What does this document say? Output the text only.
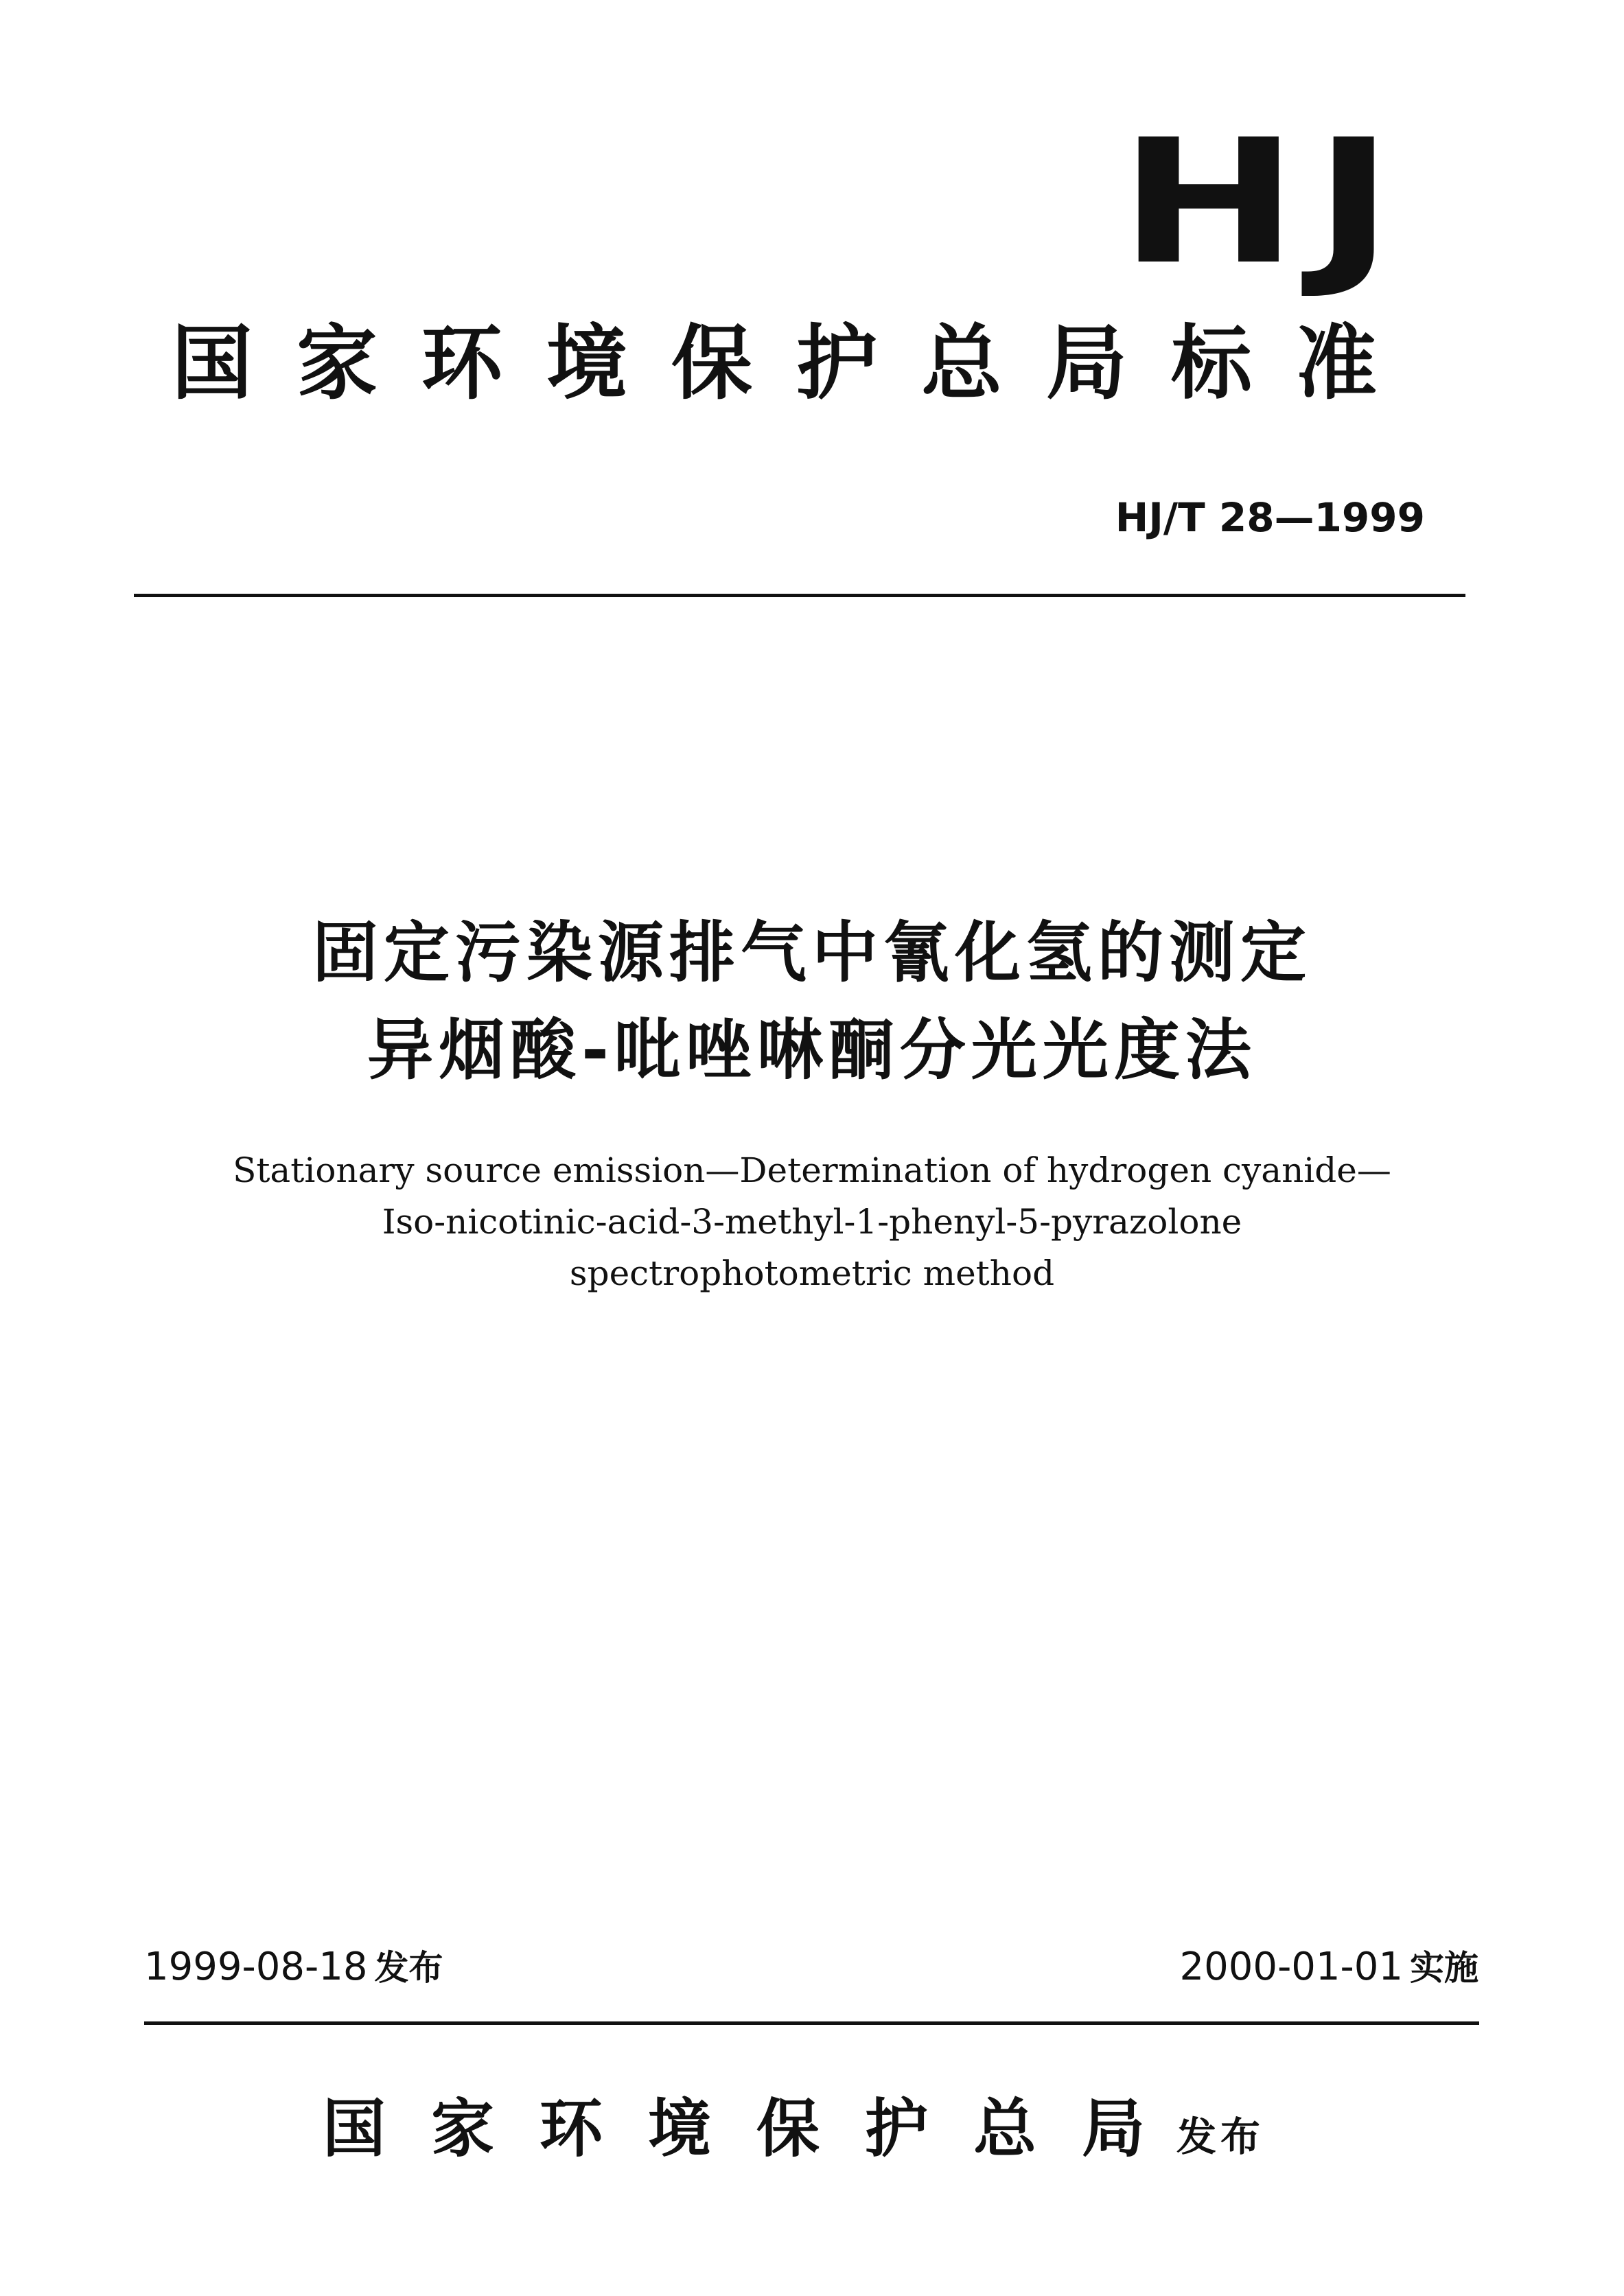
HJ
国家环境保护总局标准
HJ/T 28—1999
固定污染源排气中氰化氢的测定
异烟酸-吡唑啉酮分光光度法
Stationary source emission—Determination of hydrogen cyanide—
Iso-nicotinic-acid-3-methyl-1-phenyl-5-pyrazolone
spectrophotometric method
1999-08-18 发布	2000-01-01 实施
国家环境保护总局发布
